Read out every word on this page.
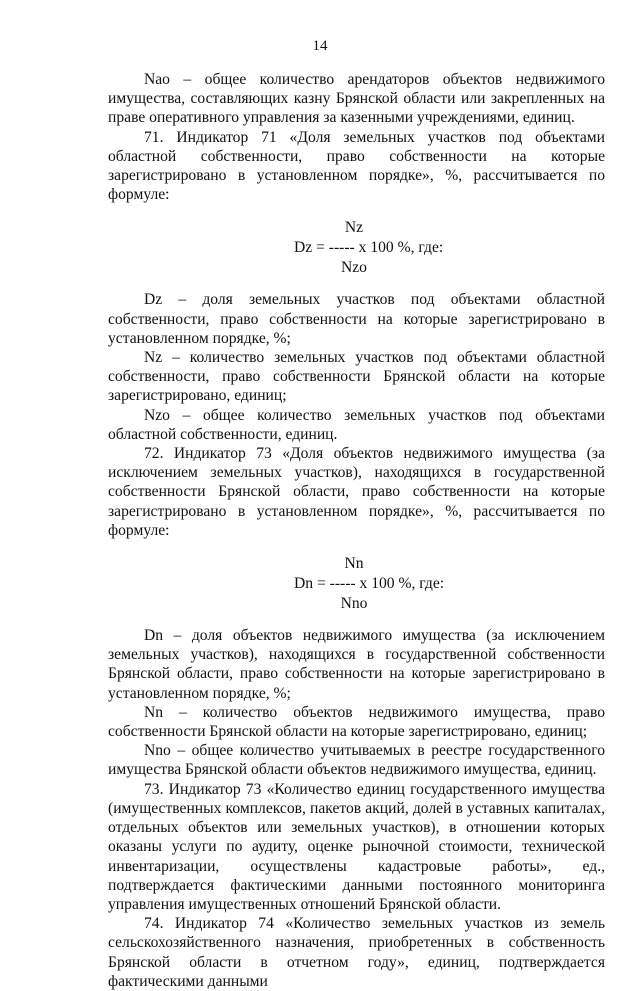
14

Nao – общее количество арендаторов объектов недвижимого имущества, составляющих казну Брянской области или закрепленных на праве оперативного управления за казенными учреждениями, единиц.

71. Индикатор 71 «Доля земельных участков под объектами областной собственности, право собственности на которые зарегистрировано в установленном порядке», %, рассчитывается по формуле:

Nz
Dz = ----- x 100 %, где:
Nzo

Dz – доля земельных участков под объектами областной собственности, право собственности на которые зарегистрировано в установленном порядке, %;

Nz – количество земельных участков под объектами областной собственности, право собственности Брянской области на которые зарегистрировано, единиц;

Nzo – общее количество земельных участков под объектами областной собственности, единиц.

72. Индикатор 73 «Доля объектов недвижимого имущества (за исключением земельных участков), находящихся в государственной собственности Брянской области, право собственности на которые зарегистрировано в установленном порядке», %, рассчитывается по формуле:

Nn
Dn = ----- x 100 %, где:
Nno

Dn – доля объектов недвижимого имущества (за исключением земельных участков), находящихся в государственной собственности Брянской области, право собственности на которые зарегистрировано в установленном порядке, %;

Nn – количество объектов недвижимого имущества, право собственности Брянской области на которые зарегистрировано, единиц;

Nno – общее количество учитываемых в реестре государственного имущества Брянской области объектов недвижимого имущества, единиц.

73. Индикатор 73 «Количество единиц государственного имущества (имущественных комплексов, пакетов акций, долей в уставных капиталах, отдельных объектов или земельных участков), в отношении которых оказаны услуги по аудиту, оценке рыночной стоимости, технической инвентаризации, осуществлены кадастровые работы», ед., подтверждается фактическими данными постоянного мониторинга управления имущественных отношений Брянской области.

74. Индикатор 74 «Количество земельных участков из земель сельскохозяйственного назначения, приобретенных в собственность Брянской области в отчетном году», единиц, подтверждается фактическими данными
